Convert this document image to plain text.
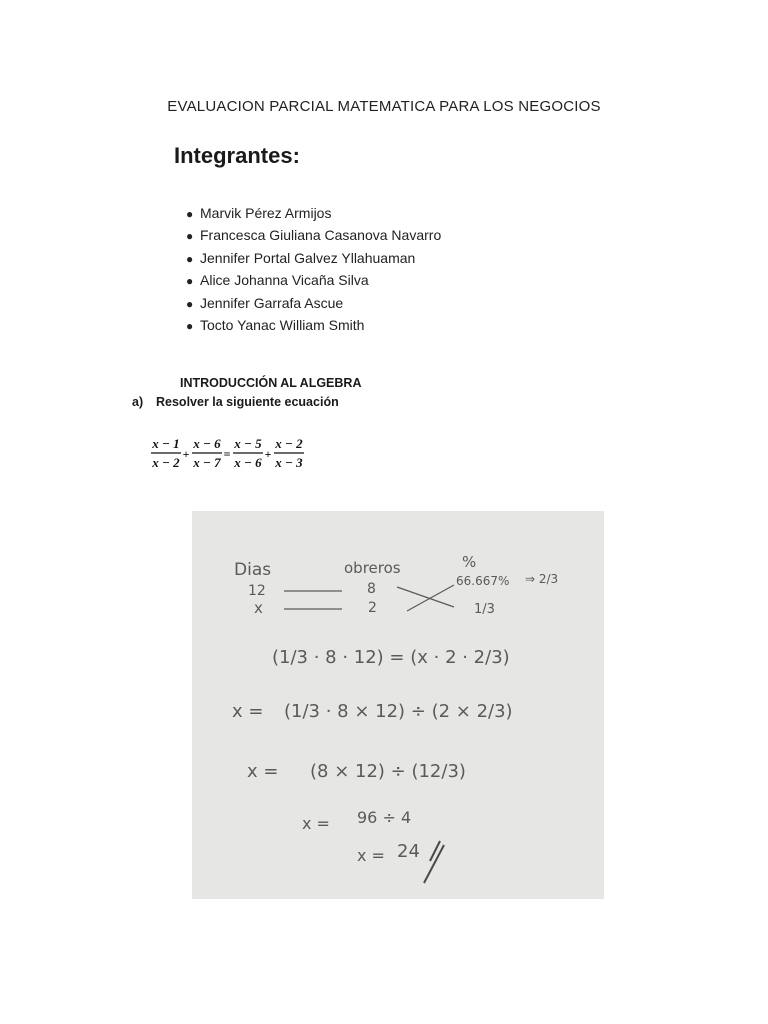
EVALUACION PARCIAL MATEMATICA PARA LOS NEGOCIOS
Integrantes:
● Marvik Pérez Armijos
● Francesca Giuliana Casanova Navarro
● Jennifer Portal Galvez Yllahuaman
● Alice Johanna Vicaña Silva
● Jennifer Garrafa Ascue
● Tocto Yanac William Smith
INTRODUCCIÓN AL ALGEBRA
a) Resolver la siguiente ecuación
x − 1
x − 2
+
x − 6
x − 7
=
x − 5
x − 6
+
x − 2
x − 3
Dias	obreros	%
12	8	66.667% ⇒ 2/3
x	2	1/3
(1/3 · 8 · 12) = (x · 2 · 2/3)
x = (1/3 · 8 × 12) ÷ (2 × 2/3)
x = (8 × 12) ÷ (12/3)
x = 96 ÷ 4
x = 24
